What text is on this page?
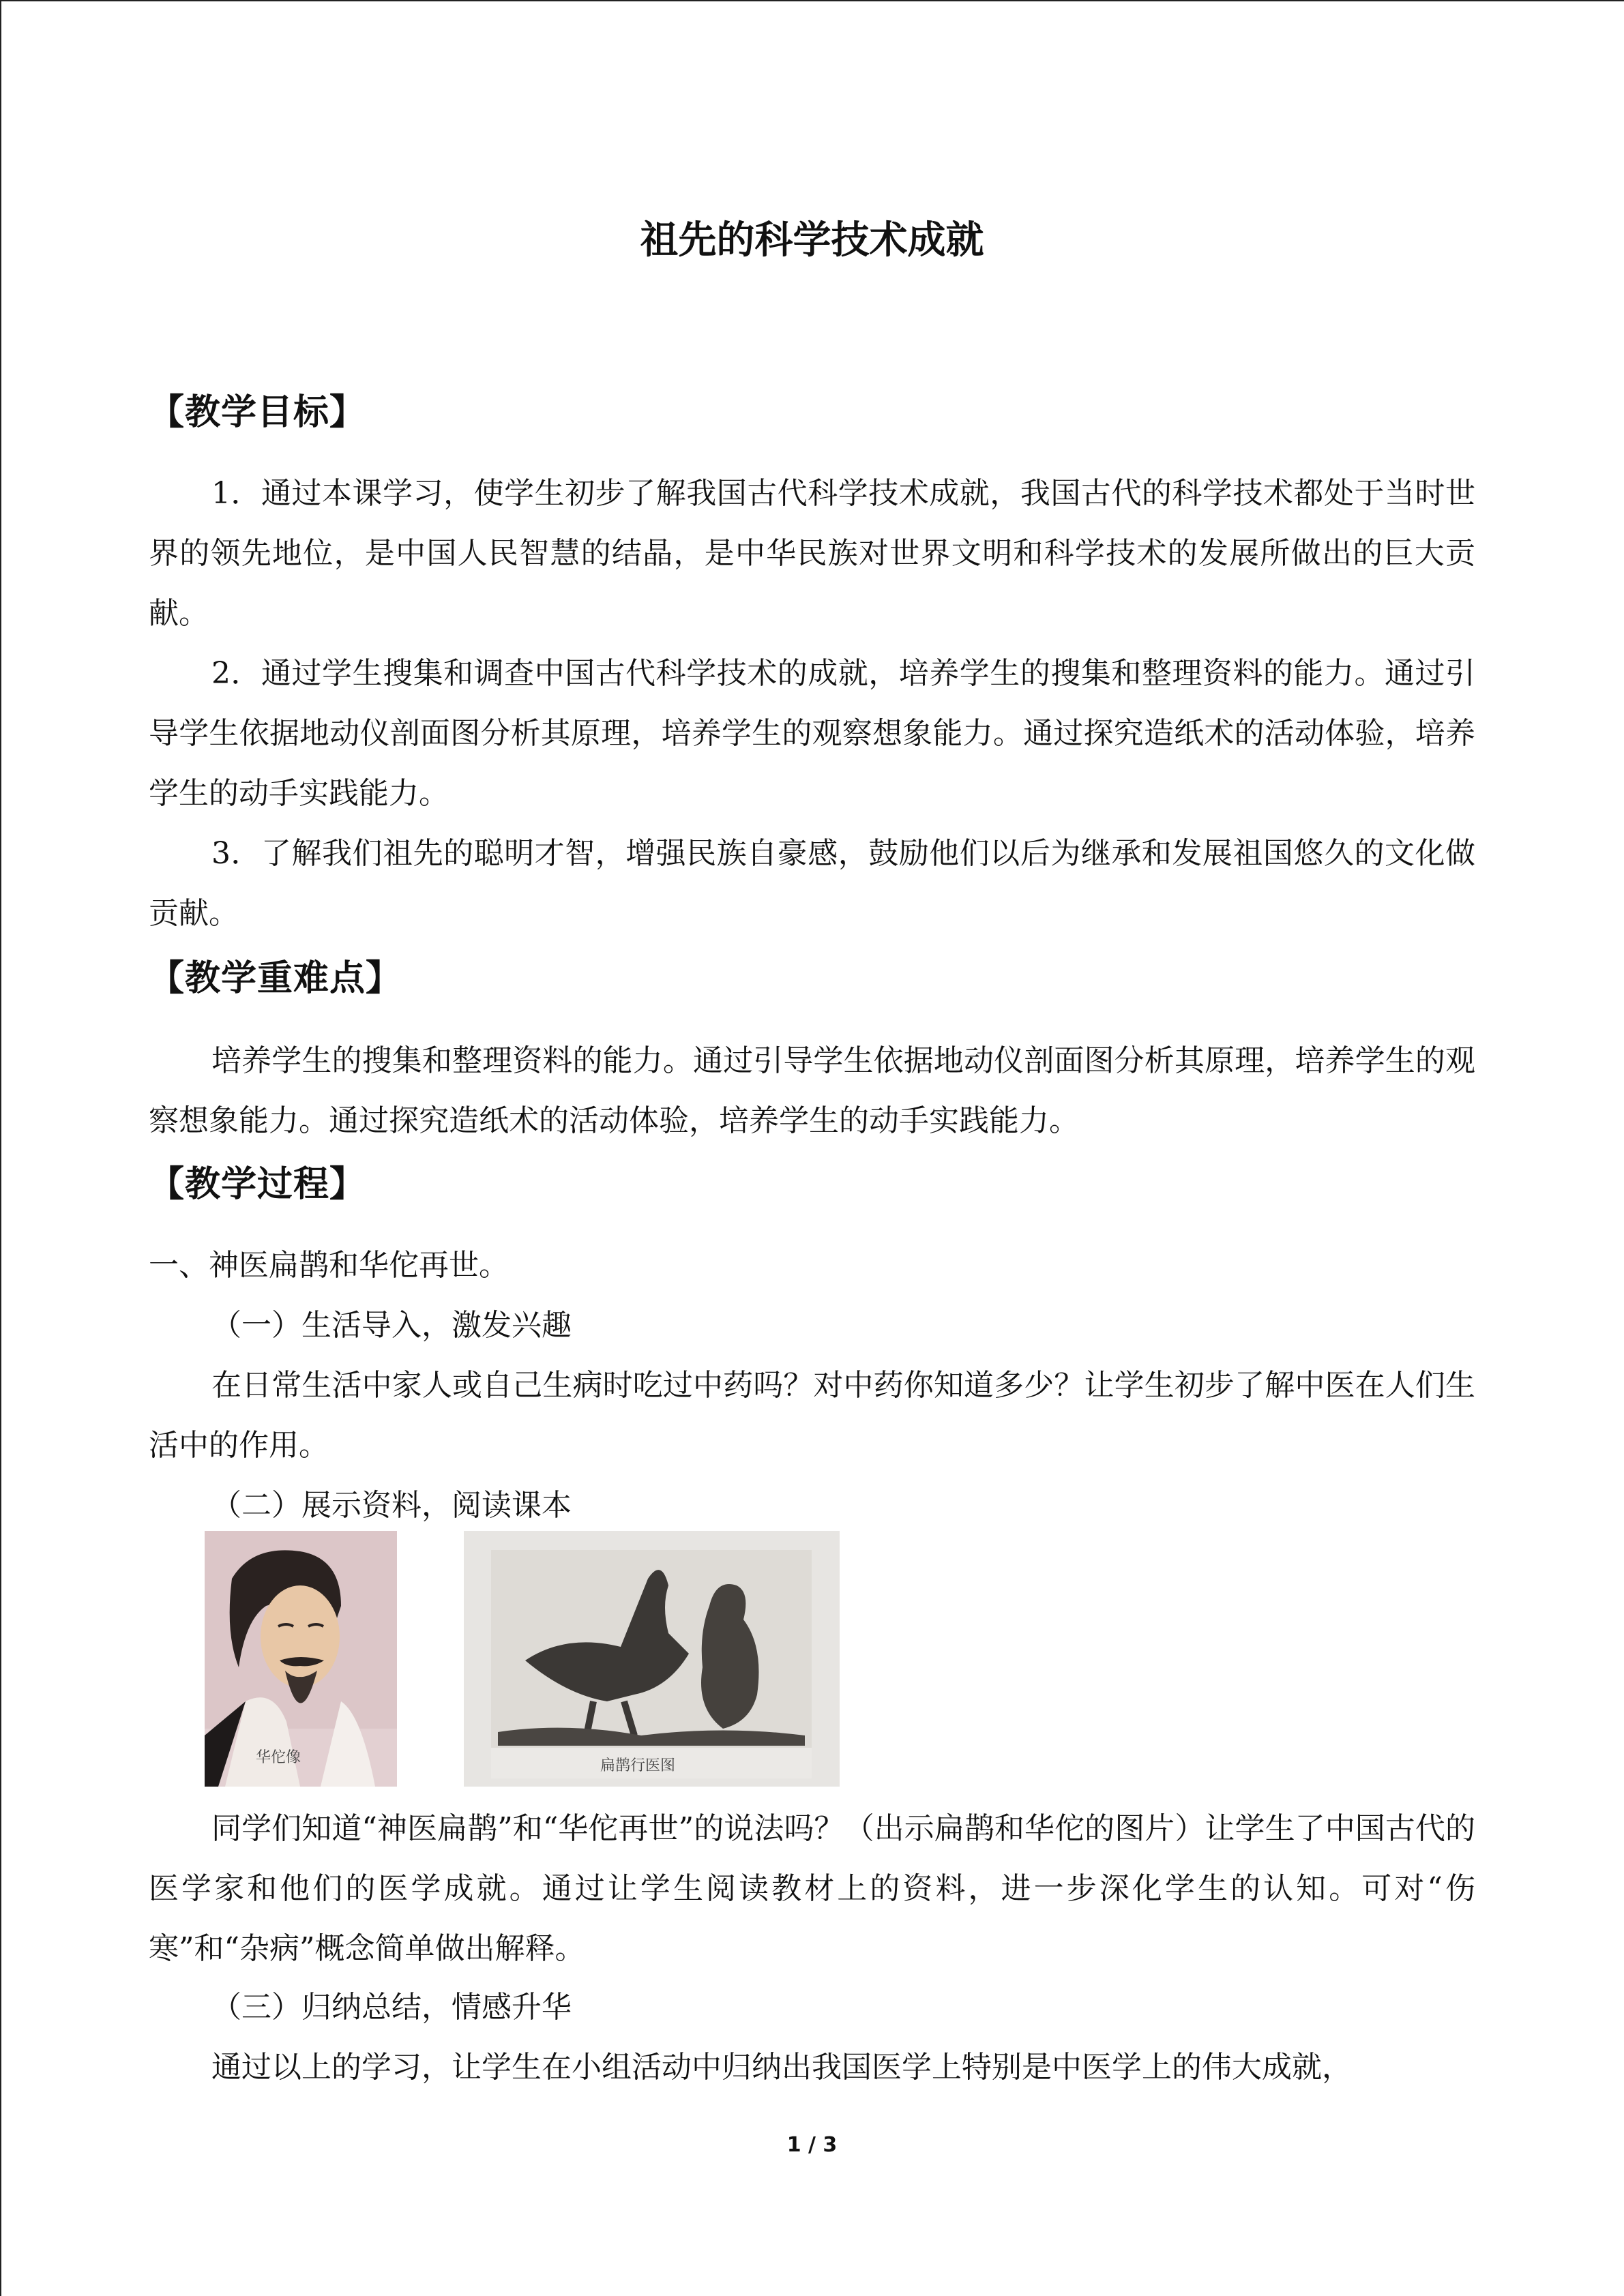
祖先的科学技术成就
【教学目标】
1．通过本课学习，使学生初步了解我国古代科学技术成就，我国古代的科学技术都处于当时世界的领先地位，是中国人民智慧的结晶，是中华民族对世界文明和科学技术的发展所做出的巨大贡献。
2．通过学生搜集和调查中国古代科学技术的成就，培养学生的搜集和整理资料的能力。通过引导学生依据地动仪剖面图分析其原理，培养学生的观察想象能力。通过探究造纸术的活动体验，培养学生的动手实践能力。
3．了解我们祖先的聪明才智，增强民族自豪感，鼓励他们以后为继承和发展祖国悠久的文化做贡献。
【教学重难点】
培养学生的搜集和整理资料的能力。通过引导学生依据地动仪剖面图分析其原理，培养学生的观察想象能力。通过探究造纸术的活动体验，培养学生的动手实践能力。
【教学过程】
一、神医扁鹊和华佗再世。
（一）生活导入，激发兴趣
在日常生活中家人或自己生病时吃过中药吗？对中药你知道多少？让学生初步了解中医在人们生活中的作用。
（二）展示资料，阅读课本
华佗像	扁鹊行医图
同学们知道“神医扁鹊”和“华佗再世”的说法吗？（出示扁鹊和华佗的图片）让学生了中国古代的医学家和他们的医学成就。通过让学生阅读教材上的资料，进一步深化学生的认知。可对“伤寒”和“杂病”概念简单做出解释。
（三）归纳总结，情感升华
通过以上的学习，让学生在小组活动中归纳出我国医学上特别是中医学上的伟大成就，
1 / 3
